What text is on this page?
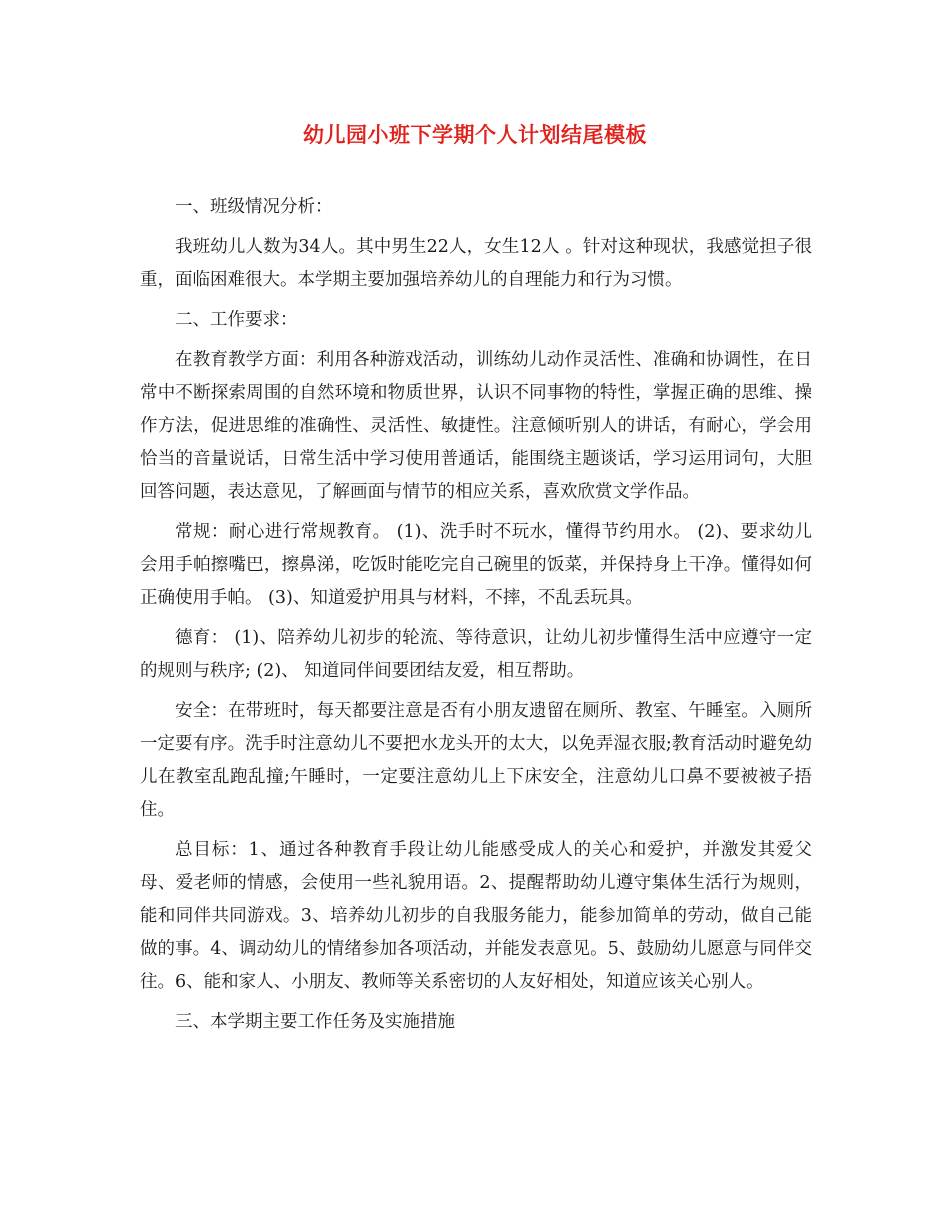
幼儿园小班下学期个人计划结尾模板

一、班级情况分析：

我班幼儿人数为34人。其中男生22人，女生12人 。针对这种现状，我感觉担子很重，面临困难很大。本学期主要加强培养幼儿的自理能力和行为习惯。

二、工作要求：

在教育教学方面：利用各种游戏活动，训练幼儿动作灵活性、准确和协调性，在日常中不断探索周围的自然环境和物质世界，认识不同事物的特性，掌握正确的思维、操作方法，促进思维的准确性、灵活性、敏捷性。注意倾听别人的讲话，有耐心，学会用恰当的音量说话，日常生活中学习使用普通话，能围绕主题谈话，学习运用词句，大胆回答问题，表达意见，了解画面与情节的相应关系，喜欢欣赏文学作品。

常规：耐心进行常规教育。 (1)、洗手时不玩水，懂得节约用水。 (2)、要求幼儿会用手帕擦嘴巴，擦鼻涕，吃饭时能吃完自己碗里的饭菜，并保持身上干净。懂得如何正确使用手帕。 (3)、知道爱护用具与材料，不摔，不乱丢玩具。

德育： (1)、陪养幼儿初步的轮流、等待意识，让幼儿初步懂得生活中应遵守一定的规则与秩序; (2)、 知道同伴间要团结友爱，相互帮助。

安全：在带班时，每天都要注意是否有小朋友遗留在厕所、教室、午睡室。入厕所 一定要有序。洗手时注意幼儿不要把水龙头开的太大，以免弄湿衣服;教育活动时避免幼儿在教室乱跑乱撞;午睡时，一定要注意幼儿上下床安全，注意幼儿口鼻不要被被子捂住。

总目标：1、通过各种教育手段让幼儿能感受成人的关心和爱护，并激发其爱父母、爱老师的情感，会使用一些礼貌用语。2、提醒帮助幼儿遵守集体生活行为规则，能和同伴共同游戏。3、培养幼儿初步的自我服务能力，能参加简单的劳动，做自己能做的事。4、调动幼儿的情绪参加各项活动，并能发表意见。5、鼓励幼儿愿意与同伴交往。6、能和家人、小朋友、教师等关系密切的人友好相处，知道应该关心别人。

三、本学期主要工作任务及实施措施
